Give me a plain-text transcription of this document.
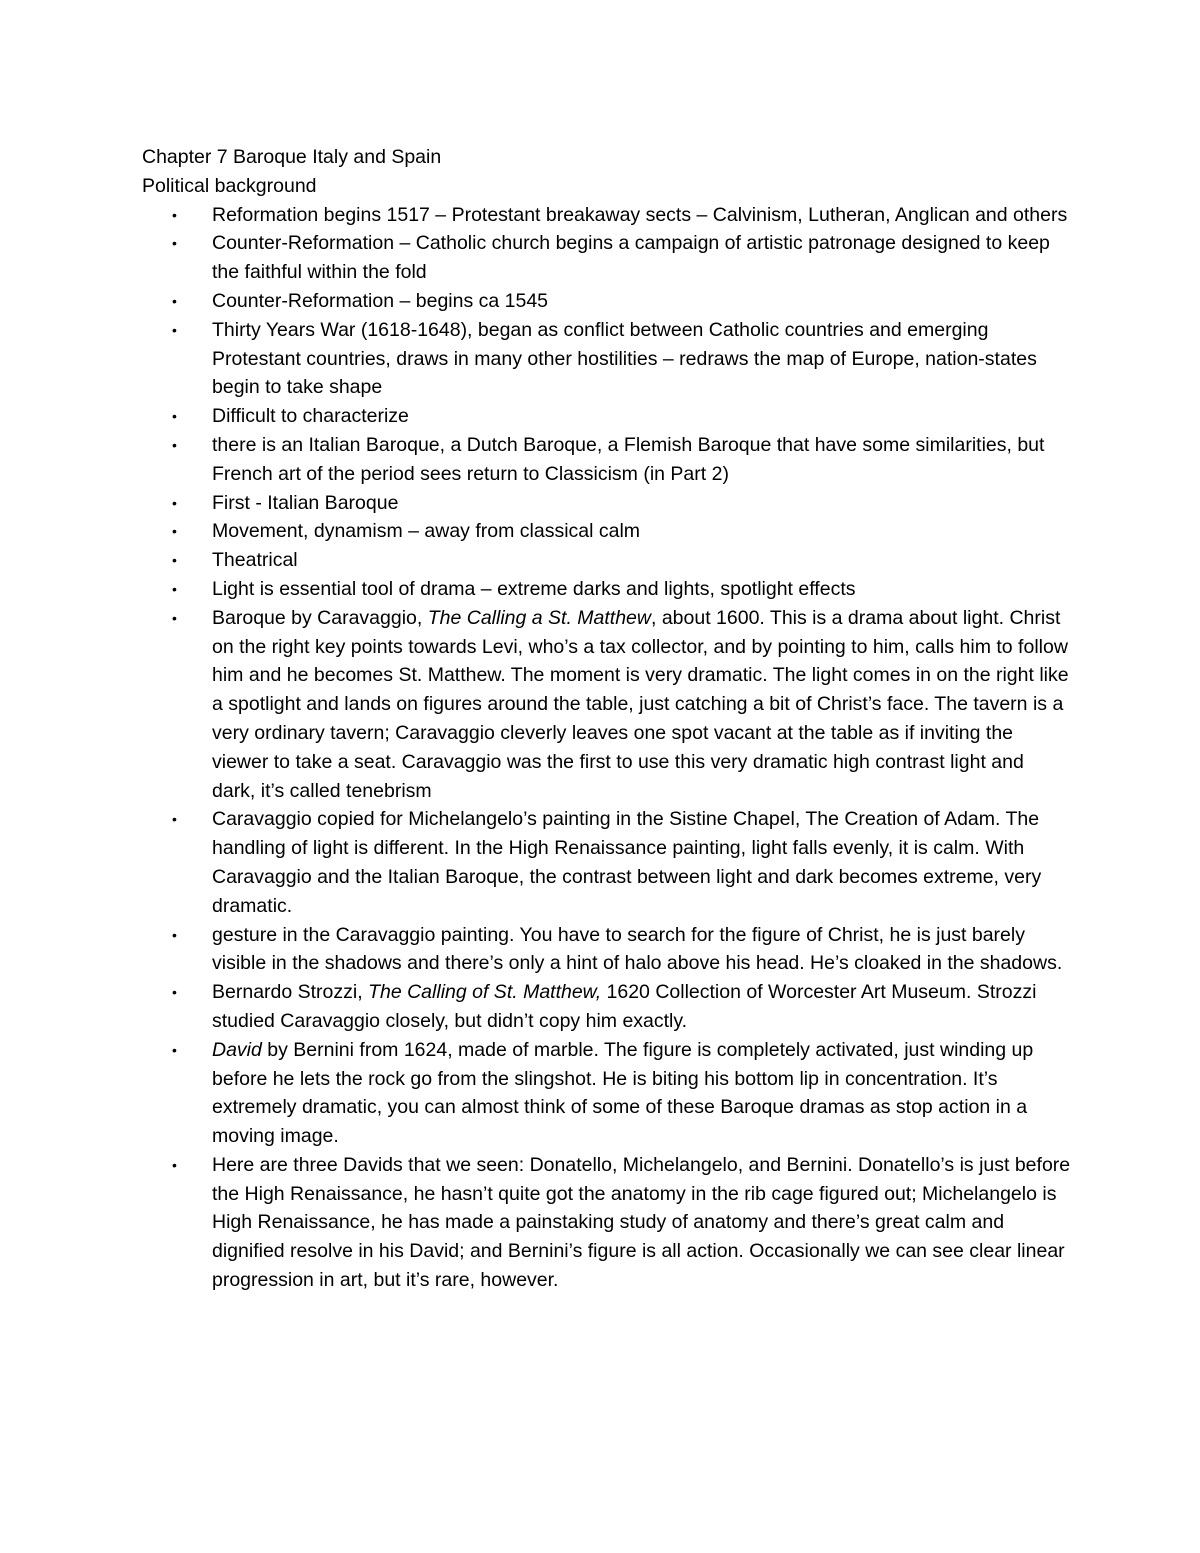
Chapter 7 Baroque Italy and Spain

Political background

• Reformation begins 1517 – Protestant breakaway sects – Calvinism, Lutheran, Anglican and others
• Counter-Reformation – Catholic church begins a campaign of artistic patronage designed to keep the faithful within the fold
• Counter-Reformation – begins ca 1545
• Thirty Years War (1618-1648), began as conflict between Catholic countries and emerging Protestant countries, draws in many other hostilities – redraws the map of Europe, nation-states begin to take shape
• Difficult to characterize
• there is an Italian Baroque, a Dutch Baroque, a Flemish Baroque that have some similarities, but French art of the period sees return to Classicism (in Part 2)
• First - Italian Baroque
• Movement, dynamism – away from classical calm
• Theatrical
• Light is essential tool of drama – extreme darks and lights, spotlight effects
• Baroque by Caravaggio, The Calling a St. Matthew, about 1600. This is a drama about light. Christ on the right key points towards Levi, who’s a tax collector, and by pointing to him, calls him to follow him and he becomes St. Matthew. The moment is very dramatic. The light comes in on the right like a spotlight and lands on figures around the table, just catching a bit of Christ’s face. The tavern is a very ordinary tavern; Caravaggio cleverly leaves one spot vacant at the table as if inviting the viewer to take a seat. Caravaggio was the first to use this very dramatic high contrast light and dark, it’s called tenebrism
• Caravaggio copied for Michelangelo’s painting in the Sistine Chapel, The Creation of Adam. The handling of light is different. In the High Renaissance painting, light falls evenly, it is calm. With Caravaggio and the Italian Baroque, the contrast between light and dark becomes extreme, very dramatic.
• gesture in the Caravaggio painting. You have to search for the figure of Christ, he is just barely visible in the shadows and there’s only a hint of halo above his head. He’s cloaked in the shadows.
• Bernardo Strozzi, The Calling of St. Matthew, 1620 Collection of Worcester Art Museum. Strozzi studied Caravaggio closely, but didn’t copy him exactly.
• David by Bernini from 1624, made of marble. The figure is completely activated, just winding up before he lets the rock go from the slingshot. He is biting his bottom lip in concentration. It’s extremely dramatic, you can almost think of some of these Baroque dramas as stop action in a moving image.
• Here are three Davids that we seen: Donatello, Michelangelo, and Bernini. Donatello’s is just before the High Renaissance, he hasn’t quite got the anatomy in the rib cage figured out; Michelangelo is High Renaissance, he has made a painstaking study of anatomy and there’s great calm and dignified resolve in his David; and Bernini’s figure is all action. Occasionally we can see clear linear progression in art, but it’s rare, however.
